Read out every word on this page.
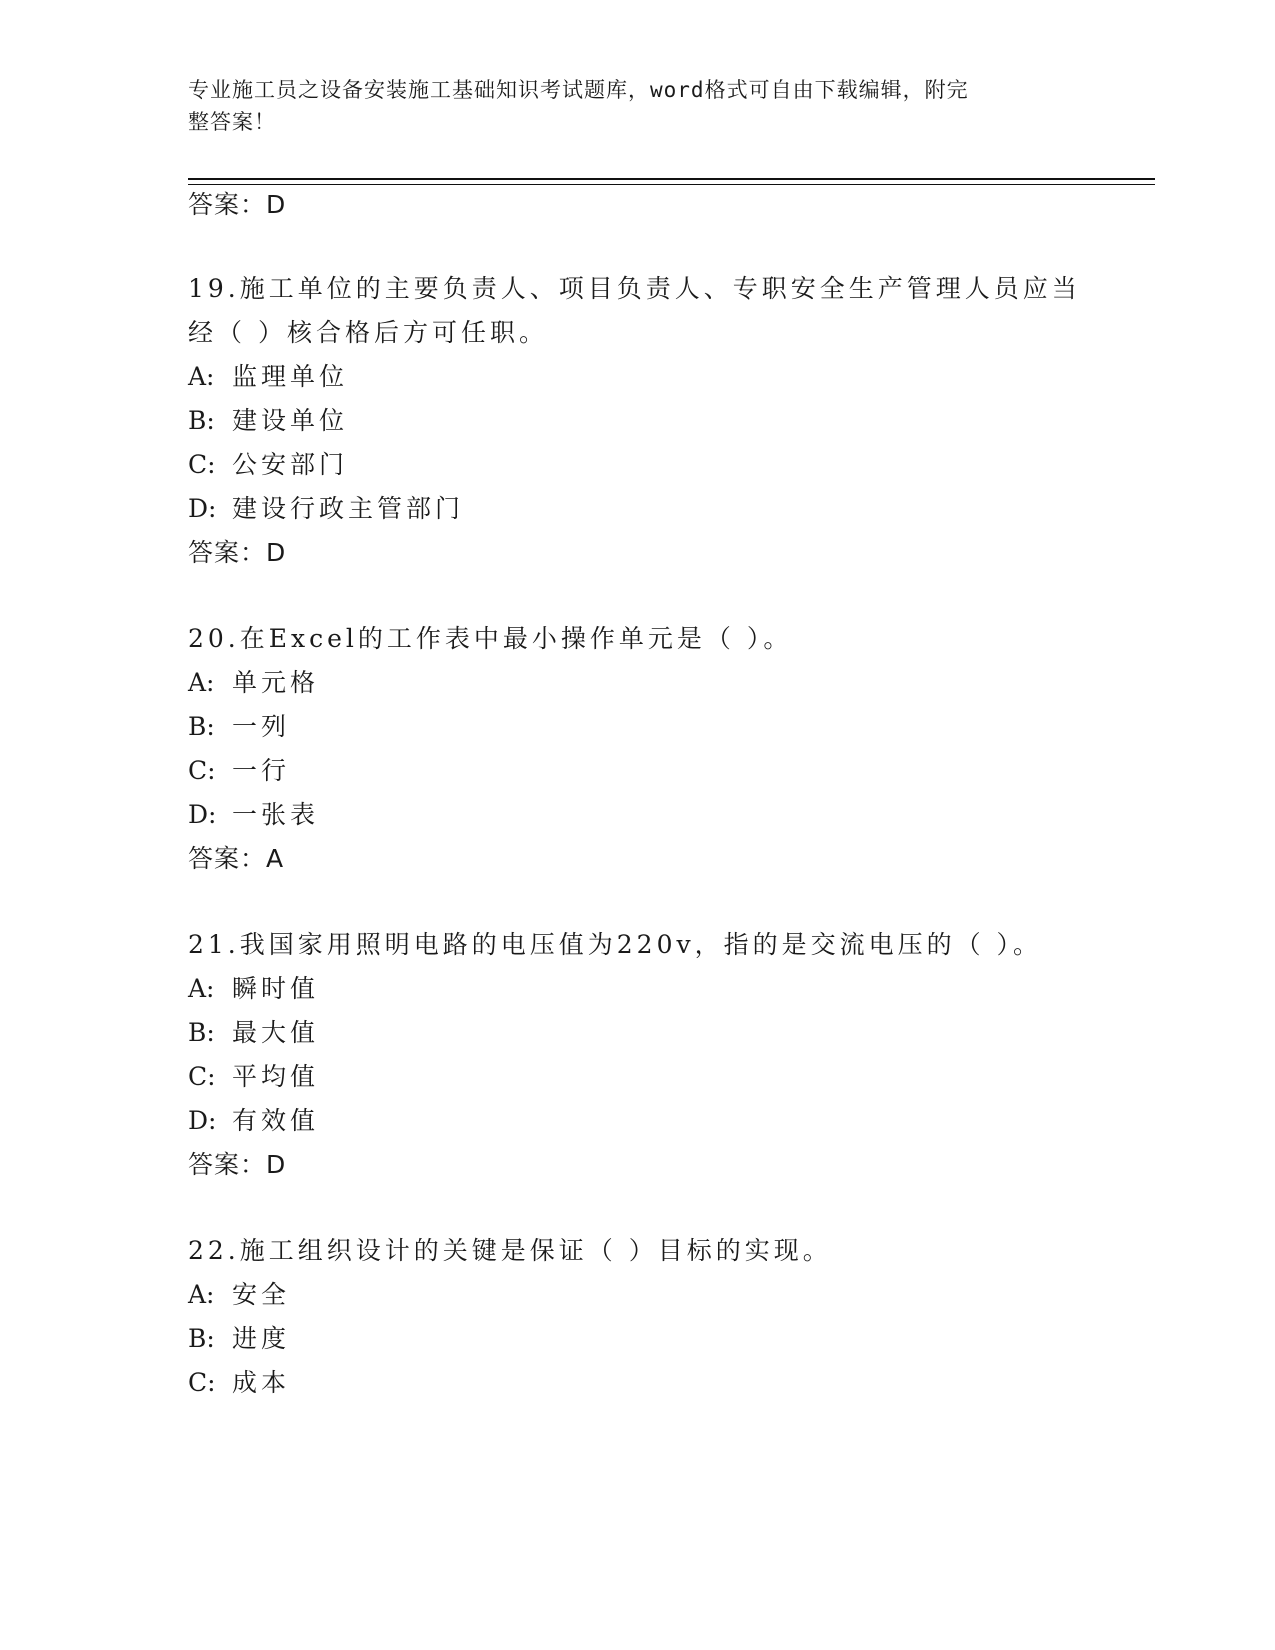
专业施工员之设备安装施工基础知识考试题库，word格式可自由下载编辑，附完
整答案！
答案：D
19.施工单位的主要负责人、项目负责人、专职安全生产管理人员应当
经（ ）核合格后方可任职。
A: 监理单位
B: 建设单位
C: 公安部门
D: 建设行政主管部门
答案：D
20.在Excel的工作表中最小操作单元是（ ）。
A: 单元格
B: 一列
C: 一行
D: 一张表
答案：A
21.我国家用照明电路的电压值为220v，指的是交流电压的（ ）。
A: 瞬时值
B: 最大值
C: 平均值
D: 有效值
答案：D
22.施工组织设计的关键是保证（ ）目标的实现。
A: 安全
B: 进度
C: 成本
